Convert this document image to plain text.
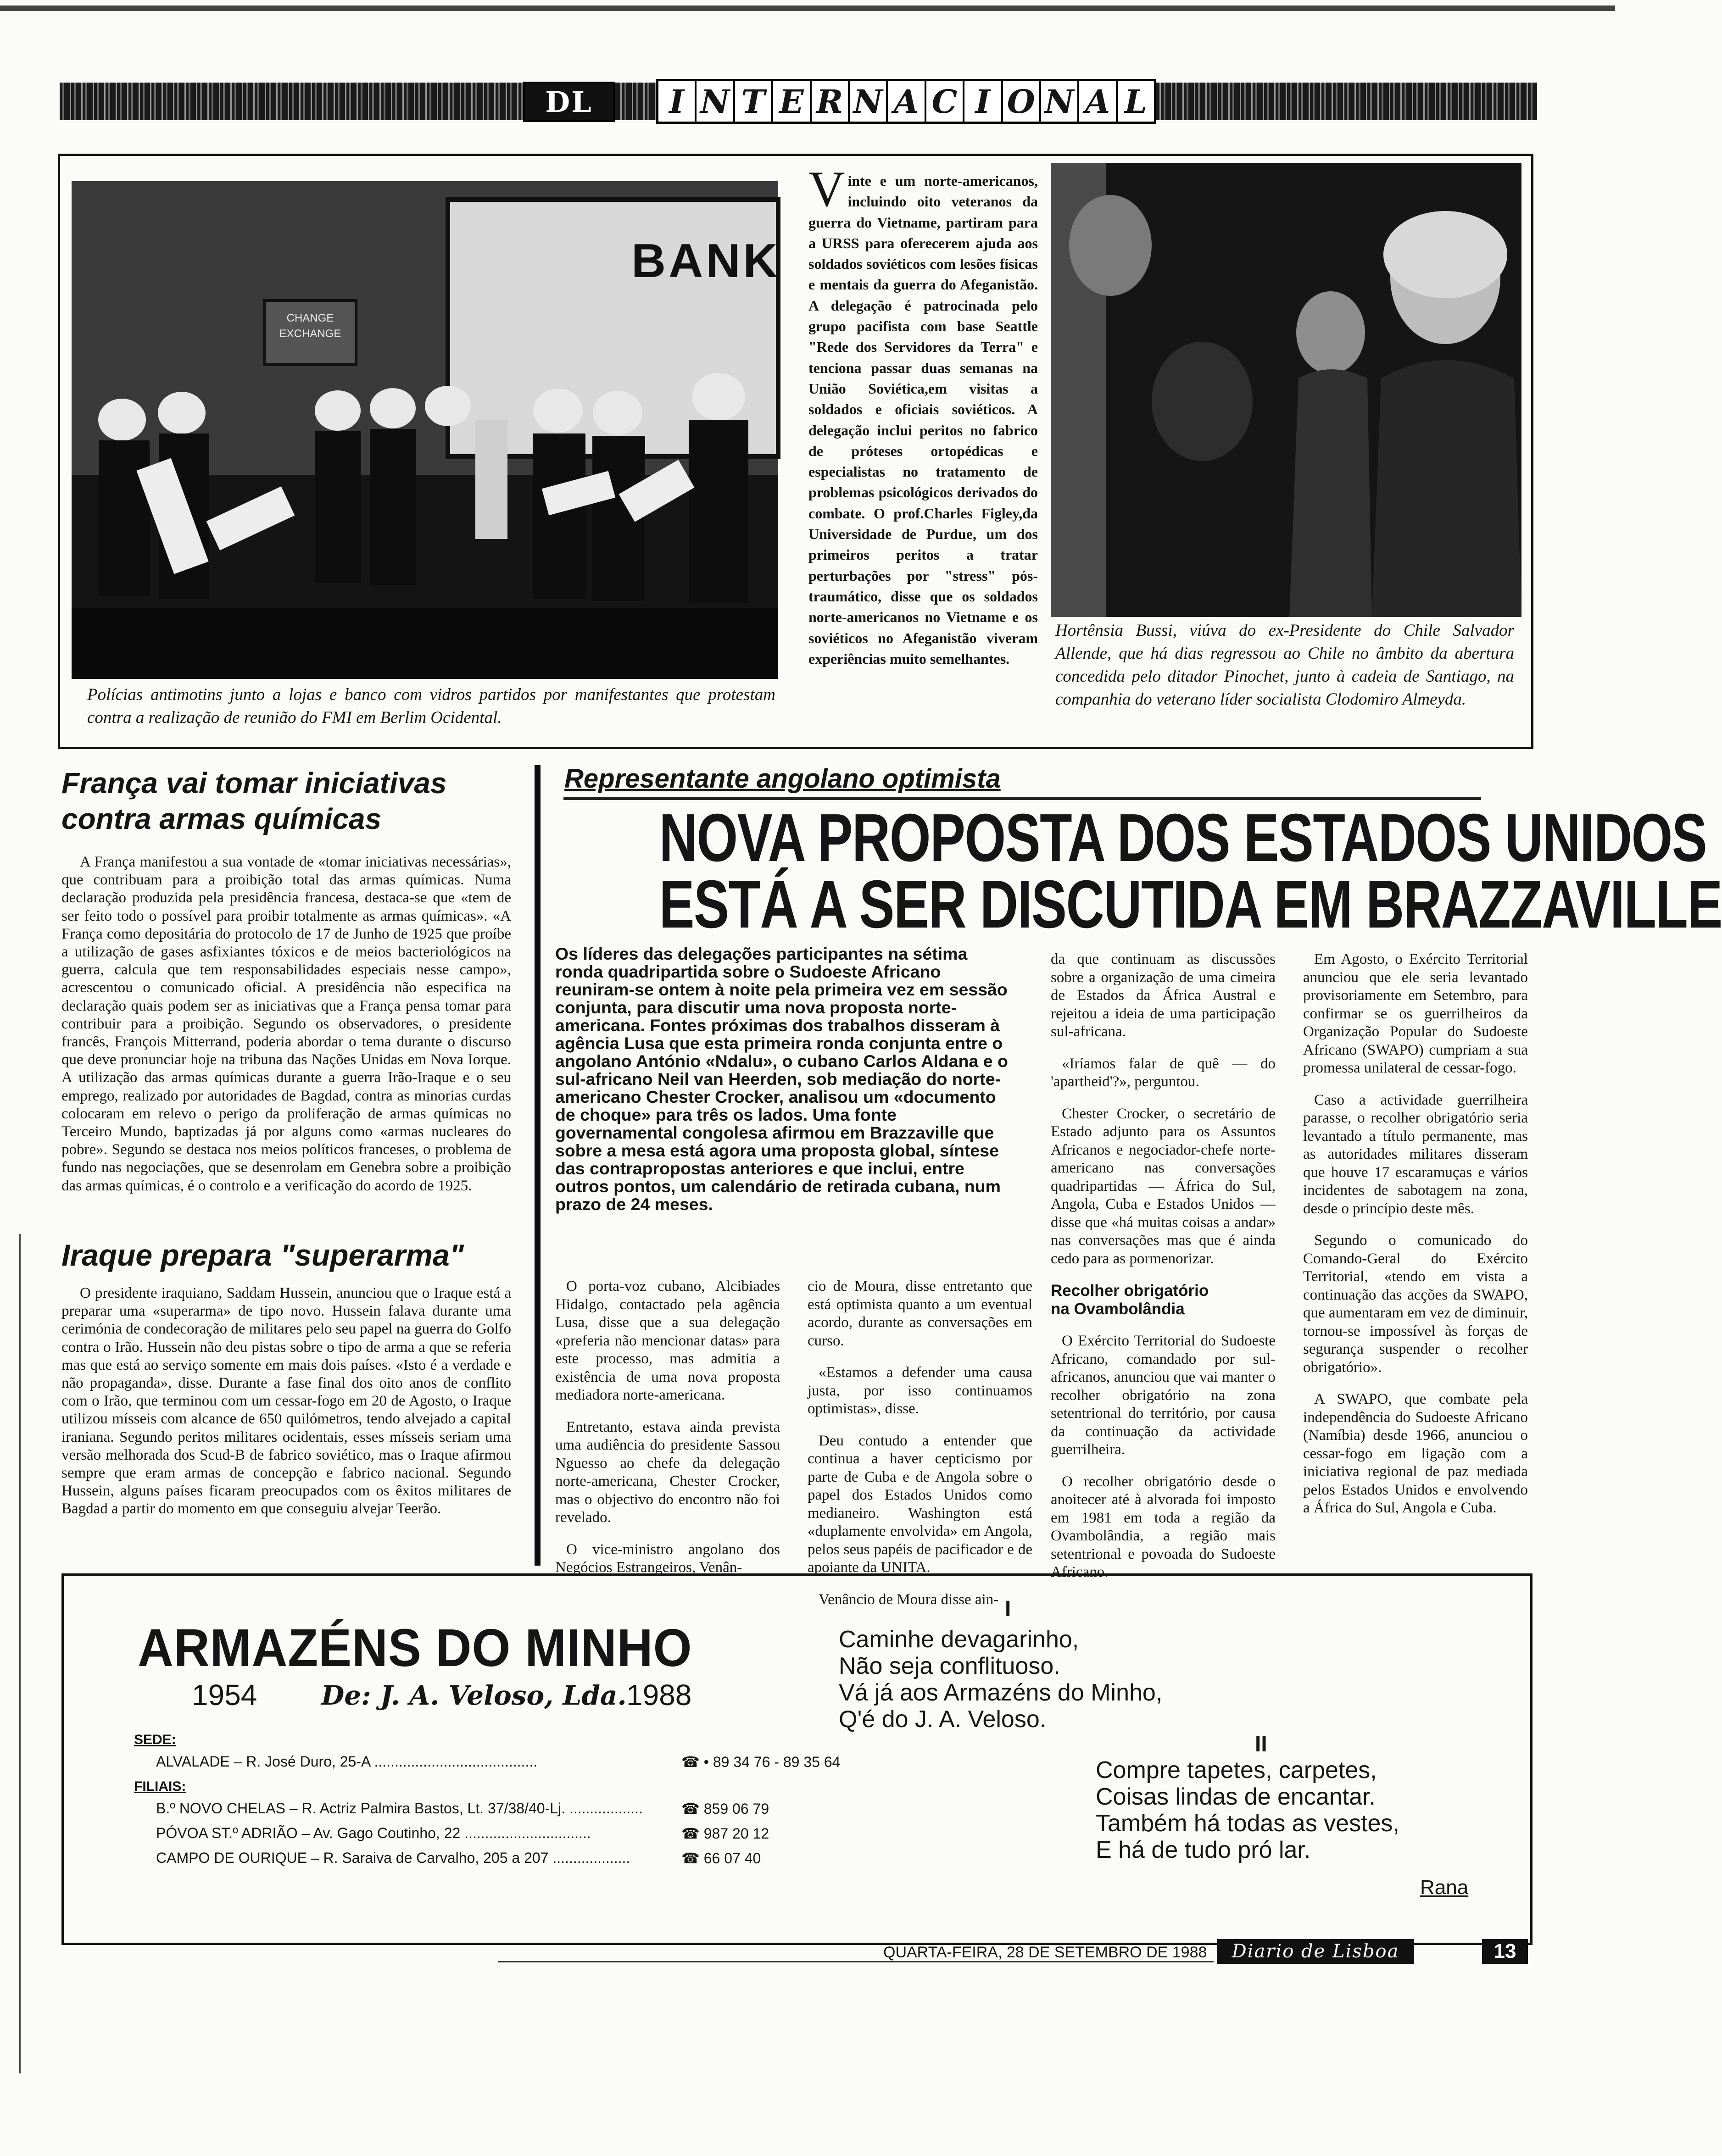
DL	I N T E R N A C I O N A L
BANK
CHANGE
EXCHANGE
Polícias antimotins junto a lojas e banco com vidros partidos por manifestantes que protestam contra a realização de reunião do FMI em Berlim Ocidental.
V inte e um norte-americanos, incluindo oito veteranos da guerra do Vietname, partiram para a URSS para oferecerem ajuda aos soldados soviéticos com lesões físicas e mentais da guerra do Afeganistão. A delegação é patrocinada pelo grupo pacifista com base Seattle "Rede dos Servidores da Terra" e tenciona passar duas semanas na União Soviética,em visitas a soldados e oficiais soviéticos. A delegação inclui peritos no fabrico de próteses ortopédicas e especialistas no tratamento de problemas psicológicos derivados do combate. O prof.Charles Figley,da Universidade de Purdue, um dos primeiros peritos a tratar perturbações por "stress" pós-traumático, disse que os soldados norte-americanos no Vietname e os soviéticos no Afeganistão viveram experiências muito semelhantes.
Hortênsia Bussi, viúva do ex-Presidente do Chile Salvador Allende, que há dias regressou ao Chile no âmbito da abertura concedida pelo ditador Pinochet, junto à cadeia de Santiago, na companhia do veterano líder socialista Clodomiro Almeyda.
França vai tomar iniciativas
contra armas químicas
A França manifestou a sua vontade de «tomar iniciativas necessárias», que contribuam para a proibição total das armas químicas. Numa declaração produzida pela presidência francesa, destaca-se que «tem de ser feito todo o possível para proibir totalmente as armas químicas». «A França como depositária do protocolo de 17 de Junho de 1925 que proíbe a utilização de gases asfixiantes tóxicos e de meios bacteriológicos na guerra, calcula que tem responsabilidades especiais nesse campo», acrescentou o comunicado oficial. A presidência não especifica na declaração quais podem ser as iniciativas que a França pensa tomar para contribuir para a proibição. Segundo os observadores, o presidente francês, François Mitterrand, poderia abordar o tema durante o discurso que deve pronunciar hoje na tribuna das Nações Unidas em Nova Iorque. A utilização das armas químicas durante a guerra Irão-Iraque e o seu emprego, realizado por autoridades de Bagdad, contra as minorias curdas colocaram em relevo o perigo da proliferação de armas químicas no Terceiro Mundo, baptizadas já por alguns como «armas nucleares do pobre». Segundo se destaca nos meios políticos franceses, o problema de fundo nas negociações, que se desenrolam em Genebra sobre a proibição das armas químicas, é o controlo e a verificação do acordo de 1925.
Iraque prepara "superarma"
O presidente iraquiano, Saddam Hussein, anunciou que o Iraque está a preparar uma «superarma» de tipo novo. Hussein falava durante uma cerimónia de condecoração de militares pelo seu papel na guerra do Golfo contra o Irão. Hussein não deu pistas sobre o tipo de arma a que se referia mas que está ao serviço somente em mais dois países. «Isto é a verdade e não propaganda», disse. Durante a fase final dos oito anos de conflito com o Irão, que terminou com um cessar-fogo em 20 de Agosto, o Iraque utilizou mísseis com alcance de 650 quilómetros, tendo alvejado a capital iraniana. Segundo peritos militares ocidentais, esses mísseis seriam uma versão melhorada dos Scud-B de fabrico soviético, mas o Iraque afirmou sempre que eram armas de concepção e fabrico nacional. Segundo Hussein, alguns países ficaram preocupados com os êxitos militares de Bagdad a partir do momento em que conseguiu alvejar Teerão.
Representante angolano optimista
NOVA PROPOSTA DOS ESTADOS UNIDOS
ESTÁ A SER DISCUTIDA EM BRAZZAVILLE
Os líderes das delegações participantes na sétima ronda quadripartida sobre o Sudoeste Africano reuniram-se ontem à noite pela primeira vez em sessão conjunta, para discutir uma nova proposta norte-americana. Fontes próximas dos trabalhos disseram à agência Lusa que esta primeira ronda conjunta entre o angolano António «Ndalu», o cubano Carlos Aldana e o sul-africano Neil van Heerden, sob mediação do norte-americano Chester Crocker, analisou um «documento de choque» para três os lados. Uma fonte governamental congolesa afirmou em Brazzaville que sobre a mesa está agora uma proposta global, síntese das contrapropostas anteriores e que inclui, entre outros pontos, um calendário de retirada cubana, num prazo de 24 meses.

O porta-voz cubano, Alcibiades Hidalgo, contactado pela agência Lusa, disse que a sua delegação «preferia não mencionar datas» para este processo, mas admitia a existência de uma nova proposta mediadora norte-americana.

Entretanto, estava ainda prevista uma audiência do presidente Sassou Nguesso ao chefe da delegação norte-americana, Chester Crocker, mas o objectivo do encontro não foi revelado.

O vice-ministro angolano dos Negócios Estrangeiros, Venân-

cio de Moura, disse entretanto que está optimista quanto a um eventual acordo, durante as conversações em curso.

«Estamos a defender uma causa justa, por isso continuamos optimistas», disse.

Deu contudo a entender que continua a haver cepticismo por parte de Cuba e de Angola sobre o papel dos Estados Unidos como medianeiro. Washington está «duplamente envolvida» em Angola, pelos seus papéis de pacificador e de apoiante da UNITA.

Venâncio de Moura disse ain-

da que continuam as discussões sobre a organização de uma cimeira de Estados da África Austral e rejeitou a ideia de uma participação sul-africana.

«Iríamos falar de quê — do 'apartheid'?», perguntou.

Chester Crocker, o secretário de Estado adjunto para os Assuntos Africanos e negociador-chefe norte-americano nas conversações quadripartidas — África do Sul, Angola, Cuba e Estados Unidos — disse que «há muitas coisas a andar» nas conversações mas que é ainda cedo para as pormenorizar.

Recolher obrigatório
na Ovambolândia

O Exército Territorial do Sudoeste Africano, comandado por sul-africanos, anunciou que vai manter o recolher obrigatório na zona setentrional do território, por causa da continuação da actividade guerrilheira.

O recolher obrigatório desde o anoitecer até à alvorada foi imposto em 1981 em toda a região da Ovambolândia, a região mais setentrional e povoada do Sudoeste Africano.

Em Agosto, o Exército Territorial anunciou que ele seria levantado provisoriamente em Setembro, para confirmar se os guerrilheiros da Organização Popular do Sudoeste Africano (SWAPO) cumpriam a sua promessa unilateral de cessar-fogo.

Caso a actividade guerrilheira parasse, o recolher obrigatório seria levantado a título permanente, mas as autoridades militares disseram que houve 17 escaramuças e vários incidentes de sabotagem na zona, desde o princípio deste mês.

Segundo o comunicado do Comando-Geral do Exército Territorial, «tendo em vista a continuação das acções da SWAPO, que aumentaram em vez de diminuir, tornou-se impossível às forças de segurança suspender o recolher obrigatório».

A SWAPO, que combate pela independência do Sudoeste Africano (Namíbia) desde 1966, anunciou o cessar-fogo em ligação com a iniciativa regional de paz mediada pelos Estados Unidos e envolvendo a África do Sul, Angola e Cuba.

ARMAZÉNS DO MINHO
1954 De: J. A. Veloso, Lda. 1988
SEDE:
ALVALADE – R. José Duro, 25-A ........................................	☎ • 89 34 76 - 89 35 64
FILIAIS:
B.º NOVO CHELAS – R. Actriz Palmira Bastos, Lt. 37/38/40-Lj. ..................	☎ 859 06 79
PÓVOA ST.º ADRIÃO – Av. Gago Coutinho, 22 ...............................	☎ 987 20 12
CAMPO DE OURIQUE – R. Saraiva de Carvalho, 205 a 207 ...................	☎ 66 07 40
I
Caminhe devagarinho,
Não seja conflituoso.
Vá já aos Armazéns do Minho,
Q'é do J. A. Veloso.
II
Compre tapetes, carpetes,
Coisas lindas de encantar.
Também há todas as vestes,
E há de tudo pró lar.
Rana
QUARTA-FEIRA, 28 DE SETEMBRO DE 1988	Diario de Lisboa	13
